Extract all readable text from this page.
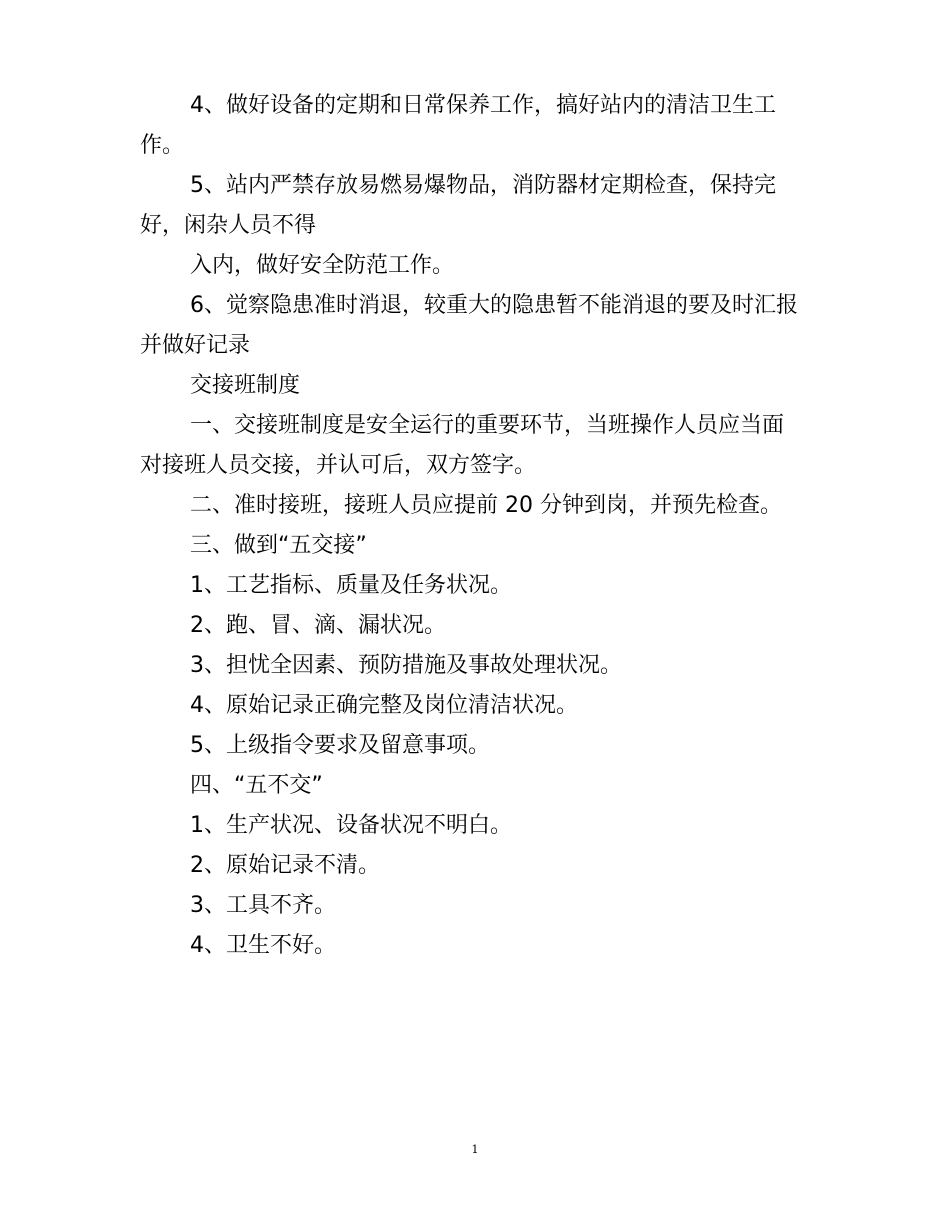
4、做好设备的定期和日常保养工作，搞好站内的清洁卫生工作。

5、站内严禁存放易燃易爆物品，消防器材定期检查，保持完好，闲杂人员不得

入内，做好安全防范工作。

6、觉察隐患准时消退，较重大的隐患暂不能消退的要及时汇报并做好记录

交接班制度

一、交接班制度是安全运行的重要环节，当班操作人员应当面对接班人员交接，并认可后，双方签字。

二、准时接班，接班人员应提前 20 分钟到岗，并预先检查。

三、做到“五交接”

1、工艺指标、质量及任务状况。

2、跑、冒、滴、漏状况。

3、担忧全因素、预防措施及事故处理状况。

4、原始记录正确完整及岗位清洁状况。

5、上级指令要求及留意事项。

四、“五不交”

1、生产状况、设备状况不明白。

2、原始记录不清。

3、工具不齐。

4、卫生不好。

1
